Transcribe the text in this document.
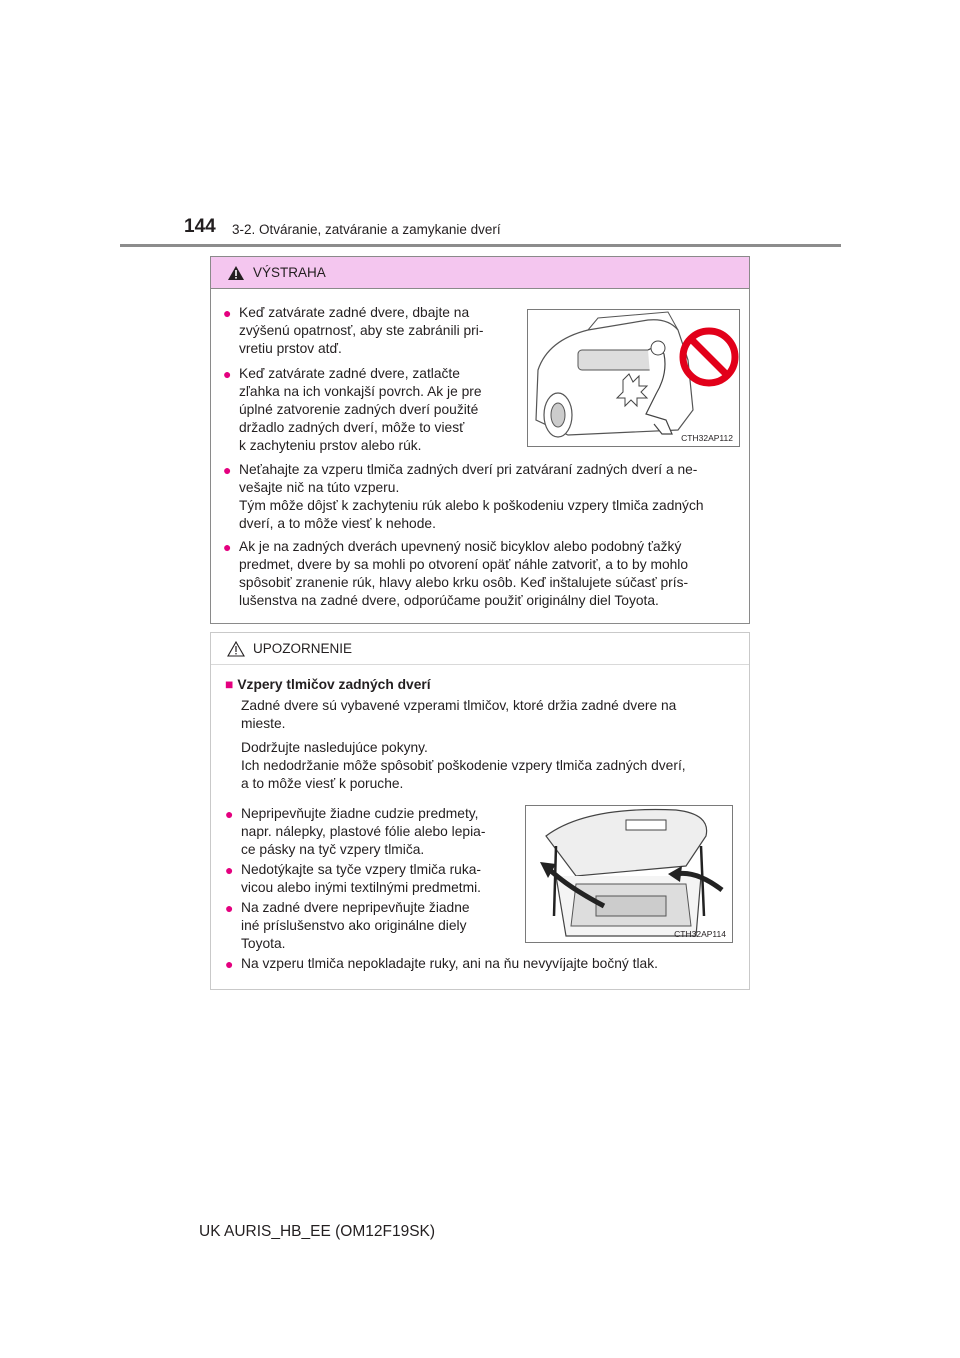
144 3-2. Otváranie, zatváranie a zamykanie dverí
VÝSTRAHA
● Keď zatvárate zadné dvere, dbajte na
zvýšenú opatrnosť, aby ste zabránili pri-
vretiu prstov atď.
● Keď zatvárate zadné dvere, zatlačte
zľahka na ich vonkajší povrch. Ak je pre
úplné zatvorenie zadných dverí použité
držadlo zadných dverí, môže to viesť
k zachyteniu prstov alebo rúk.	CTH32AP112
● Neťahajte za vzperu tlmiča zadných dverí pri zatváraní zadných dverí a ne-
vešajte nič na túto vzperu.
Tým môže dôjsť k zachyteniu rúk alebo k poškodeniu vzpery tlmiča zadných
dverí, a to môže viesť k nehode.
● Ak je na zadných dverách upevnený nosič bicyklov alebo podobný ťažký
predmet, dvere by sa mohli po otvorení opäť náhle zatvoriť, a to by mohlo
spôsobiť zranenie rúk, hlavy alebo krku osôb. Keď inštalujete súčasť prís-
lušenstva na zadné dvere, odporúčame použiť originálny diel Toyota.
UPOZORNENIE
■ Vzpery tlmičov zadných dverí
Zadné dvere sú vybavené vzperami tlmičov, ktoré držia zadné dvere na
mieste.
Dodržujte nasledujúce pokyny.
Ich nedodržanie môže spôsobiť poškodenie vzpery tlmiča zadných dverí,
a to môže viesť k poruche.
● Nepripevňujte žiadne cudzie predmety,
napr. nálepky, plastové fólie alebo lepia-
ce pásky na tyč vzpery tlmiča.
● Nedotýkajte sa tyče vzpery tlmiča ruka-
vicou alebo inými textilnými predmetmi.
● Na zadné dvere nepripevňujte žiadne
iné príslušenstvo ako originálne diely
Toyota.
CTH32AP114
● Na vzperu tlmiča nepokladajte ruky, ani na ňu nevyvíjajte bočný tlak.
UK AURIS_HB_EE (OM12F19SK)
